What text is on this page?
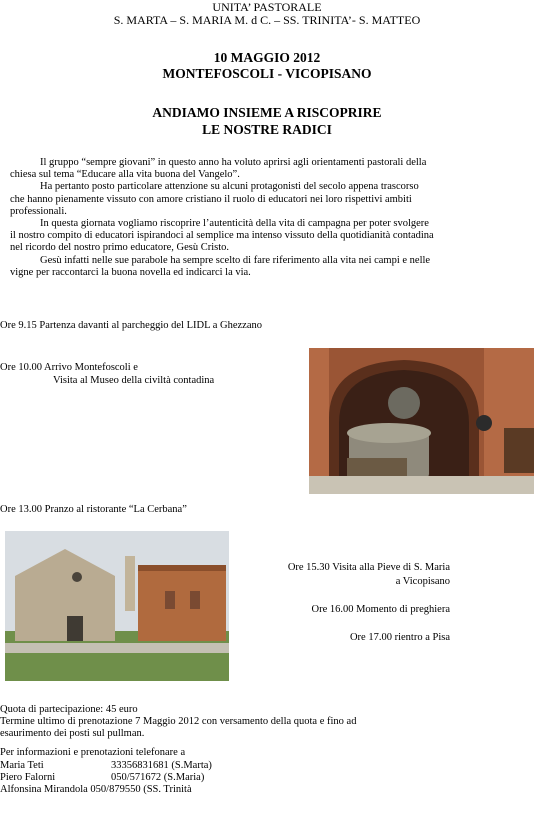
UNITA’ PASTORALE
S. MARTA – S. MARIA M. d C. – SS. TRINITA’- S. MATTEO
10 MAGGIO 2012
MONTEFOSCOLI - VICOPISANO
ANDIAMO INSIEME A RISCOPRIRE
LE NOSTRE RADICI

Il gruppo “sempre giovani” in questo anno ha voluto aprirsi agli orientamenti pastorali della chiesa sul tema “Educare alla vita buona del Vangelo”.

Ha pertanto posto particolare attenzione su alcuni protagonisti del secolo appena trascorso che hanno pienamente vissuto con amore cristiano il ruolo di educatori nei loro rispettivi ambiti professionali.

In questa giornata vogliamo riscoprire l’autenticità della vita di campagna per poter svolgere il nostro compito di educatori ispirandoci al semplice ma intenso vissuto della quotidianità contadina nel ricordo del nostro primo educatore, Gesù Cristo.

Gesù infatti nelle sue parabole ha sempre scelto di fare riferimento alla vita nei campi e nelle vigne per raccontarci la buona novella ed indicarci la via.

Ore 9.15 Partenza davanti al parcheggio del LIDL a Ghezzano
Ore 10.00 Arrivo Montefoscoli e
Visita al Museo della civiltà contadina
Ore 13.00 Pranzo al ristorante “La Cerbana”
Ore 15.30 Visita alla Pieve di S. Maria
a Vicopisano
Ore 16.00 Momento di preghiera
Ore 17.00 rientro a Pisa
Quota di partecipazione: 45 euro
Termine ultimo di prenotazione 7 Maggio 2012 con versamento della quota e fino ad
esaurimento dei posti sul pullman.
Per informazioni e prenotazioni telefonare a
Maria Teti	33356831681 (S.Marta)
Piero Falorni	050/571672 (S.Maria)
Alfonsina Mirandola 050/879550 (SS. Trinità
